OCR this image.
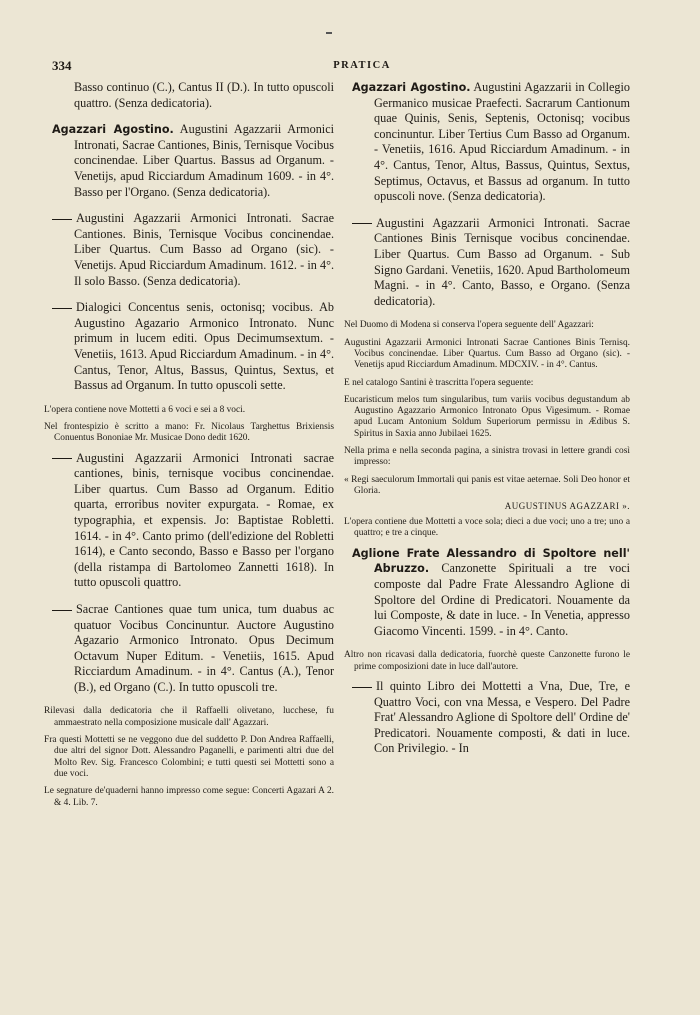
334	PRATICA

Basso continuo (C.), Cantus II (D.). In tutto opuscoli quattro. (Senza dedicatoria).

Agazzari Agostino. Augustini Agazzarii Armonici Intronati, Sacrae Cantiones, Binis, Ternisque Vocibus concinendae. Liber Quartus. Bassus ad Organum. - Venetijs, apud Ricciardum Amadinum 1609. - in 4°. Basso per l'Organo. (Senza dedicatoria).

Augustini Agazzarii Armonici Intronati. Sacrae Cantiones. Binis, Ternisque Vocibus concinendae. Liber Quartus. Cum Basso ad Organo (sic). - Venetijs. Apud Ricciardum Amadinum. 1612. - in 4°. Il solo Basso. (Senza dedicatoria).

Dialogici Concentus senis, octonisq; vocibus. Ab Augustino Agazario Armonico Intronato. Nunc primum in lucem editi. Opus Decimumsextum. - Venetiis, 1613. Apud Ricciardum Amadinum. - in 4°. Cantus, Tenor, Altus, Bassus, Quintus, Sextus, et Bassus ad Organum. In tutto opuscoli sette.

L'opera contiene nove Mottetti a 6 voci e sei a 8 voci.

Nel frontespizio è scritto a mano: Fr. Nicolaus Targhettus Brixiensis Conuentus Bononiae Mr. Musicae Dono dedit 1620.

Augustini Agazzarii Armonici Intronati sacrae cantiones, binis, ternisque vocibus concinendae. Liber quartus. Cum Basso ad Organum. Editio quarta, erroribus noviter expurgata. - Romae, ex typographia, et expensis. Jo: Baptistae Robletti. 1614. - in 4°. Canto primo (dell'edizione del Robletti 1614), e Canto secondo, Basso e Basso per l'organo (della ristampa di Bartolomeo Zannetti 1618). In tutto opuscoli quattro.

Sacrae Cantiones quae tum unica, tum duabus ac quatuor Vocibus Concinuntur. Auctore Augustino Agazario Armonico Intronato. Opus Decimum Octavum Nuper Editum. - Venetiis, 1615. Apud Ricciardum Amadinum. - in 4°. Cantus (A.), Tenor (B.), ed Organo (C.). In tutto opuscoli tre.

Rilevasi dalla dedicatoria che il Raffaelli olivetano, lucchese, fu ammaestrato nella composizione musicale dall' Agazzari.

Fra questi Mottetti se ne veggono due del suddetto P. Don Andrea Raffaelli, due altri del signor Dott. Alessandro Paganelli, e parimenti altri due del Molto Rev. Sig. Francesco Colombini; e tutti questi sei Mottetti sono a due voci.

Le segnature de'quaderni hanno impresso come segue: Concerti Agazari A 2. & 4. Lib. 7.

Agazzari Agostino. Augustini Agazzarii in Collegio Germanico musicae Praefecti. Sacrarum Cantionum quae Quinis, Senis, Septenis, Octonisq; vocibus concinuntur. Liber Tertius Cum Basso ad Organum. - Venetiis, 1616. Apud Ricciardum Amadinum. - in 4°. Cantus, Tenor, Altus, Bassus, Quintus, Sextus, Septimus, Octavus, et Bassus ad organum. In tutto opuscoli nove. (Senza dedicatoria).

Augustini Agazzarii Armonici Intronati. Sacrae Cantiones Binis Ternisque vocibus concinendae. Liber Quartus. Cum Basso ad Organum. - Sub Signo Gardani. Venetiis, 1620. Apud Bartholomeum Magni. - in 4°. Canto, Basso, e Organo. (Senza dedicatoria).

Nel Duomo di Modena si conserva l'opera seguente dell' Agazzari:

Augustini Agazzarii Armonici Intronati Sacrae Cantiones Binis Ternisq. Vocibus concinendae. Liber Quartus. Cum Basso ad Organo (sic). - Venetijs apud Ricciardum Amadinum. MDCXIV. - in 4°. Cantus.

E nel catalogo Santini è trascritta l'opera seguente:

Eucaristicum melos tum singularibus, tum variis vocibus degustandum ab Augustino Agazzario Armonico Intronato Opus Vigesimum. - Romae apud Lucam Antonium Soldum Superiorum permissu in Ædibus S. Spiritus in Saxia anno Jubilaei 1625.

Nella prima e nella seconda pagina, a sinistra trovasi in lettere grandi così impresso:

« Regi saeculorum Immortali qui panis est vitae aeternae. Soli Deo honor et Gloria.

AUGUSTINUS AGAZZARI ».

L'opera contiene due Mottetti a voce sola; dieci a due voci; uno a tre; uno a quattro; e tre a cinque.

Aglione Frate Alessandro di Spoltore nell' Abruzzo. Canzonette Spirituali a tre voci composte dal Padre Frate Alessandro Aglione di Spoltore del Ordine di Predicatori. Nouamente da lui Composte, & date in luce. - In Venetia, appresso Giacomo Vincenti. 1599. - in 4°. Canto.

Altro non ricavasi dalla dedicatoria, fuorchè queste Canzonette furono le prime composizioni date in luce dall'autore.

Il quinto Libro dei Mottetti a Vna, Due, Tre, e Quattro Voci, con vna Messa, e Vespero. Del Padre Frat' Alessandro Aglione di Spoltore dell' Ordine de' Predicatori. Nouamente composti, & dati in luce. Con Privilegio. - In
